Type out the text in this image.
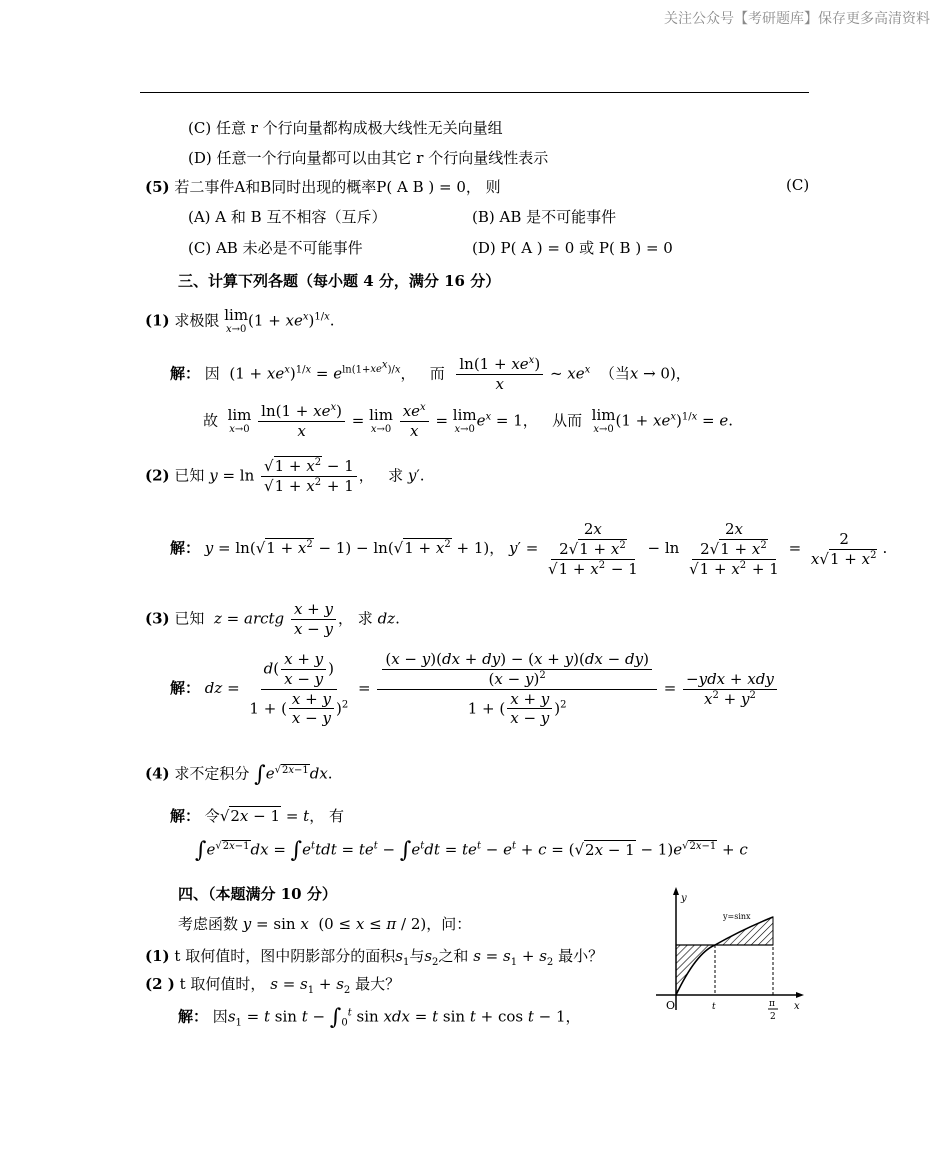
关注公众号【考研题库】保存更多高清资料
(C) 任意 r 个行向量都构成极大线性无关向量组
(D) 任意一个行向量都可以由其它 r 个行向量线性表示
(5) 若二事件A和B同时出现的概率P( A B ) = 0， 则	(C)
(A) A 和 B 互不相容（互斥）	(B) AB 是不可能事件
(C) AB 未必是不可能事件	(D) P( A ) = 0 或 P( B ) = 0
三、计算下列各题（每小题 4 分，满分 16 分）
(1) 求极限 lim
x→0 $(1 + xe^x)^{1/x}$.
解： 因  $(1 + xe^x)^{1/x} = e^{ln(1+xe^x)/x}$，   而 $\frac{\ln(1 + xe^x)}{x}$ ~ $xe^x$ （当x → 0)，
故 lim
x→0
$\frac{\ln(1 + xe^x)}{x} = \lim$
x→0
$\frac{xe^x}{x} = \lim$
x→0 $e^x = 1$，   从而 lim
x→0 $(1 + xe^x)^{1/x} = e$.
(2) 已知 $y = \ln \frac{√1 + x^2 - 1}{√1 + x^2 + 1}$ ，   求 y′.
解： $y = \ln(√1 + x^2 - 1) - \ln(√1 + x^2 + 1)$， $y' = \frac{\frac{2x}{2√1 + x^2}}{√1 + x^2 - 1} - \ln \frac{\frac{2x}{2√1 + x^2}}{√1 + x^2 + 1} = \frac{2}{x√1 + x^2}$ .
(3) 已知 z = arctg $\frac{x + y}{x - y}$ ， 求 dz.
解： dz = $\frac{d( \frac{x + y}{x - y} )}{1 + ( \frac{x + y}{x - y} )^2} = \frac{\frac{(x - y)(dx + dy) - (x + y)(dx - dy)}{(x - y)^2}}{1 + ( \frac{x + y}{x - y} )^2} = \frac{\text{−ydx + xdy}}{x^2 + y^2}$
(4) 求不定积分 $\int e^{√2x-1}dx$.
解： 令√2x − 1 = t， 有
$\int e^{√2x-1}dx = \int e^ttdt = te^t - \int e^tdt = te^t - e^t + c = (√2x - 1 - 1)e^{√2x-1} + c$
四、（本题满分 10 分）
考虑函数 y = sin x  (0 ≤ x ≤ π / 2)，问：
(1) t 取何值时，图中阴影部分的面积$s_1$与$s_2$之和 $s = s_1 + s_2$ 最小？
(2 ) t 取何值时， $s = s_1 + s_2$ 最大？
解： 因$s_1 = t$ $\sin t - \int_0^t$ sin xdx = t sin t + cos t − 1，
y
y=sinx
O	t	π
2
x
